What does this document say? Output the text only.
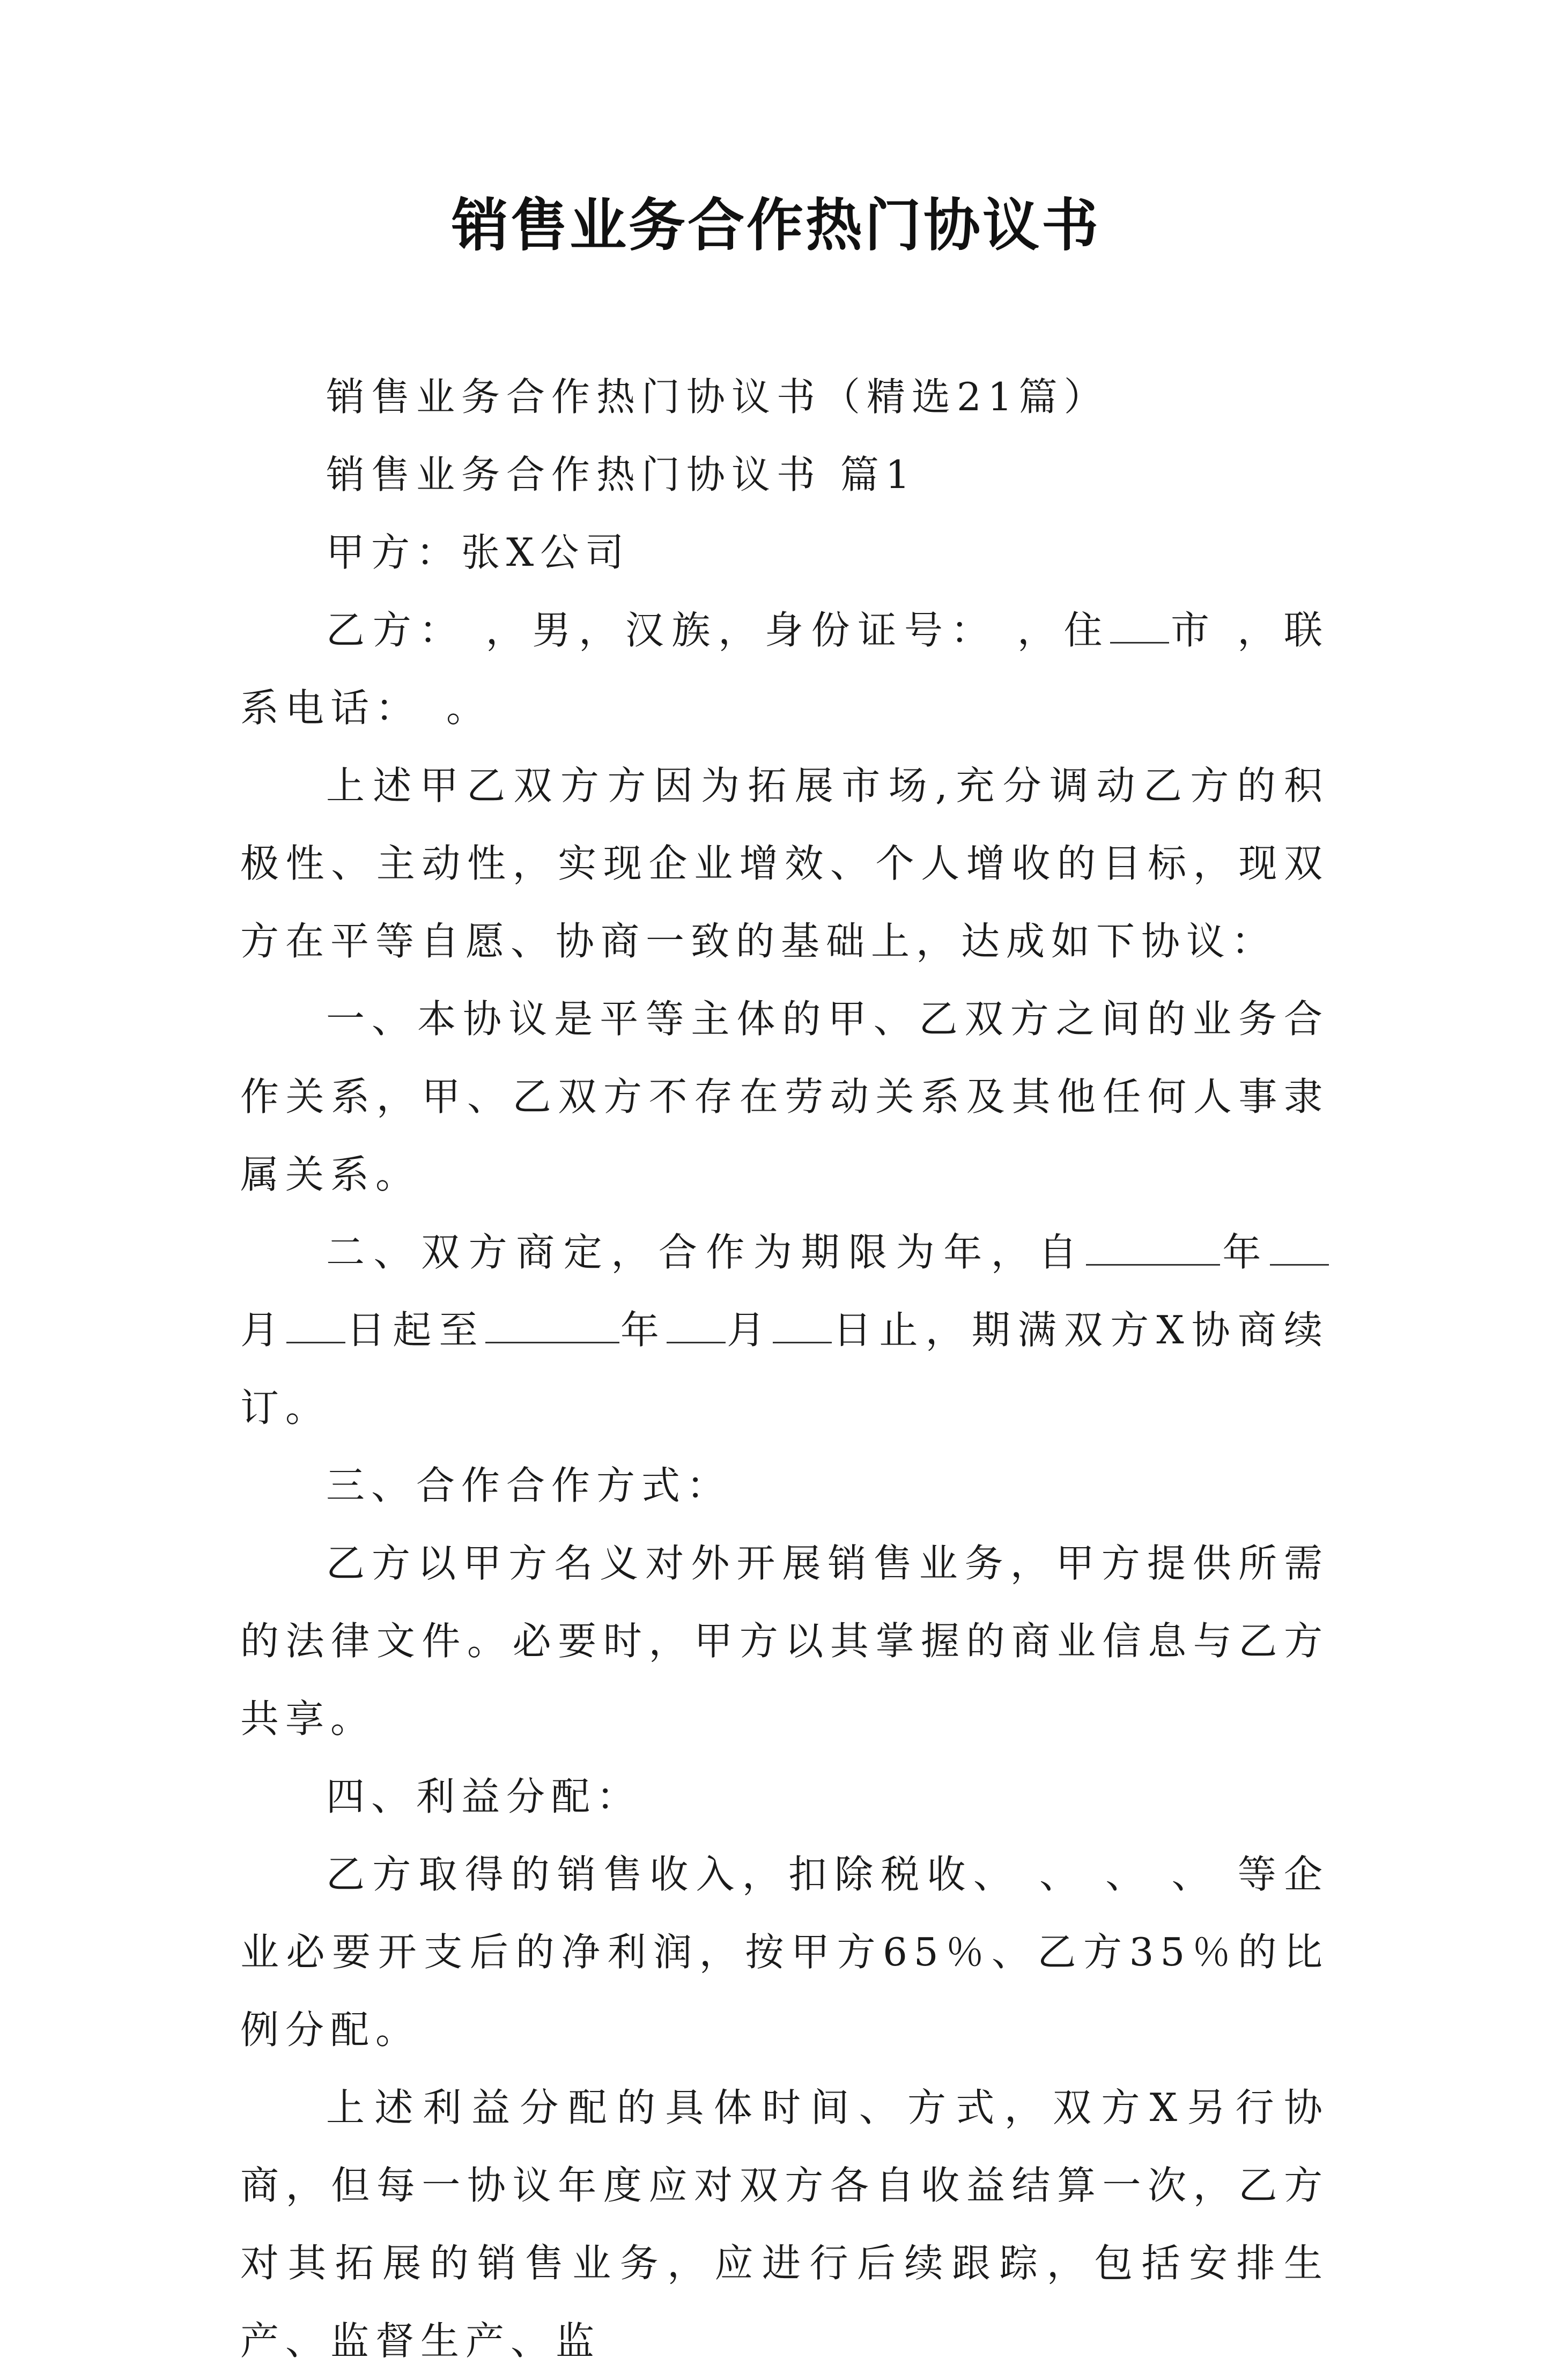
销售业务合作热门协议书

销售业务合作热门协议书（精选21篇）

销售业务合作热门协议书 篇1

甲方：张X公司

乙方： ，男，汉族，身份证号： ，住 市 ，联系电话：　。

上述甲乙双方方因为拓展市场,充分调动乙方的积极性、主动性，实现企业增效、个人增收的目标，现双方在平等自愿、协商一致的基础上，达成如下协议：

一、本协议是平等主体的甲、乙双方之间的业务合作关系，甲、乙双方不存在劳动关系及其他任何人事隶属关系。

二、双方商定，合作为期限为年，自	年月 日起至	年 月 日止，期满双方X协商续订。

三、合作合作方式：

乙方以甲方名义对外开展销售业务，甲方提供所需的法律文件。必要时，甲方以其掌握的商业信息与乙方共享。

四、利益分配：

乙方取得的销售收入，扣除税收、 、 、 、 等企业必要开支后的净利润，按甲方65％、乙方35％的比例分配。

上述利益分配的具体时间、方式，双方X另行协商，但每一协议年度应对双方各自收益结算一次，乙方对其拓展的销售业务，应进行后续跟踪，包括安排生产、监督生产、监
